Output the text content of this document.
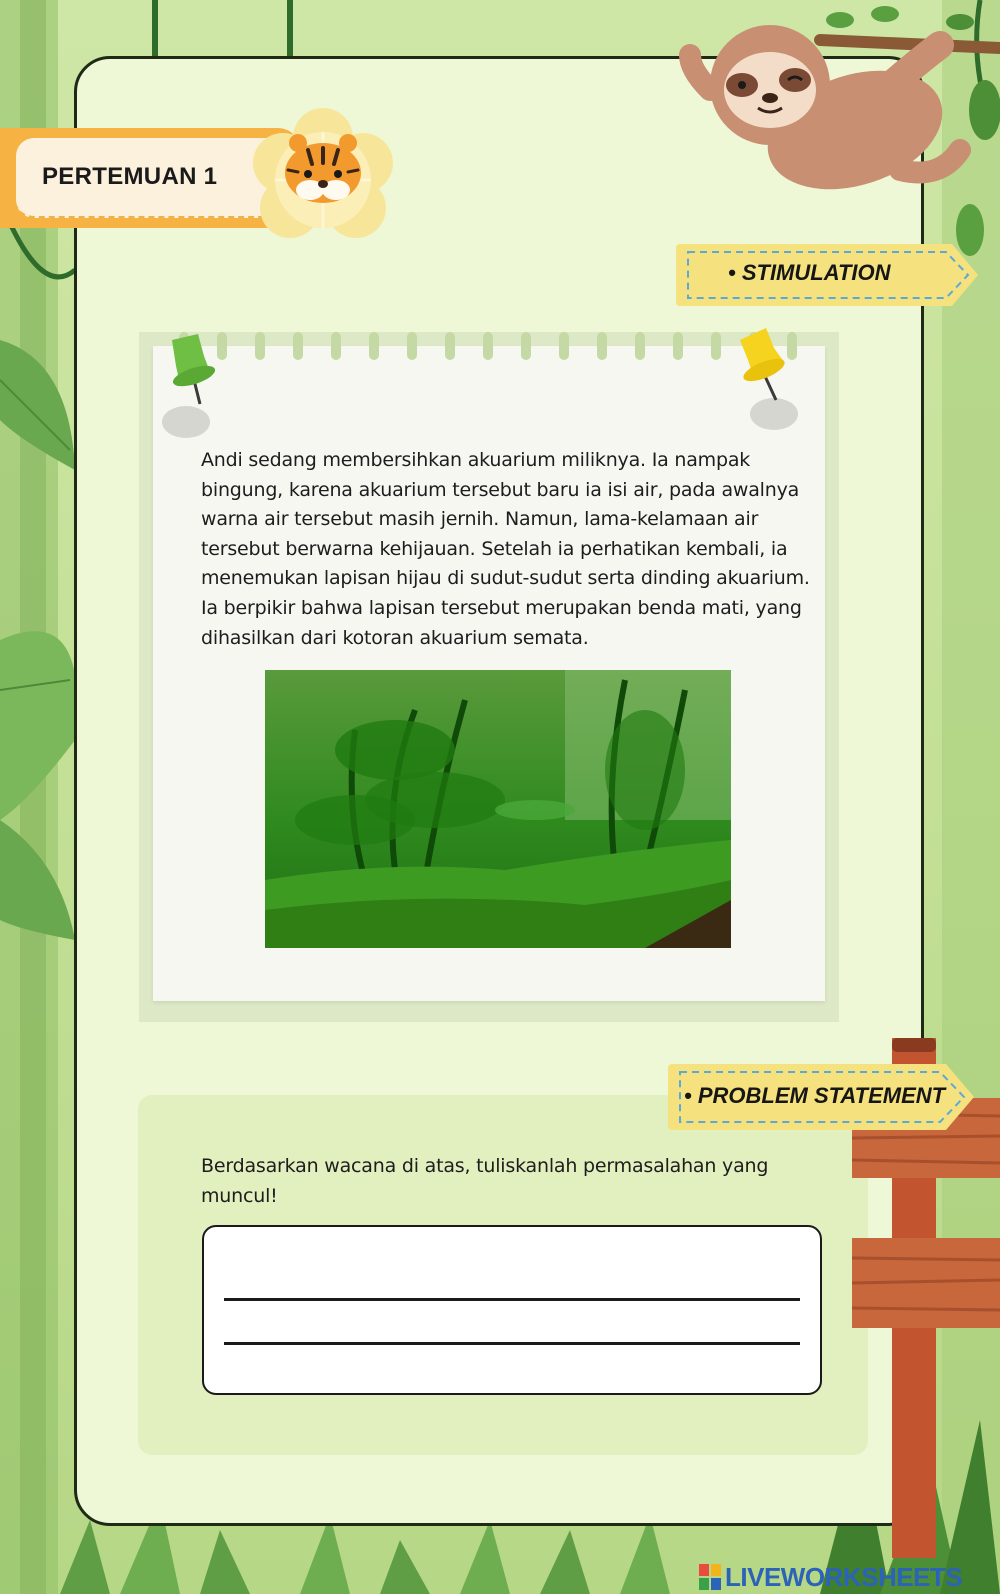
PERTEMUAN 1
• STIMULATION

Andi sedang membersihkan akuarium miliknya. Ia nampak bingung, karena akuarium tersebut baru ia isi air, pada awalnya warna air tersebut masih jernih. Namun, lama-kelamaan air tersebut berwarna kehijauan. Setelah ia perhatikan kembali, ia menemukan lapisan hijau di sudut-sudut serta dinding akuarium. Ia berpikir bahwa lapisan tersebut merupakan benda mati, yang dihasilkan dari kotoran akuarium semata.

• PROBLEM STATEMENT

Berdasarkan wacana di atas, tuliskanlah permasalahan yang muncul!

LIVEWORKSHEETS
